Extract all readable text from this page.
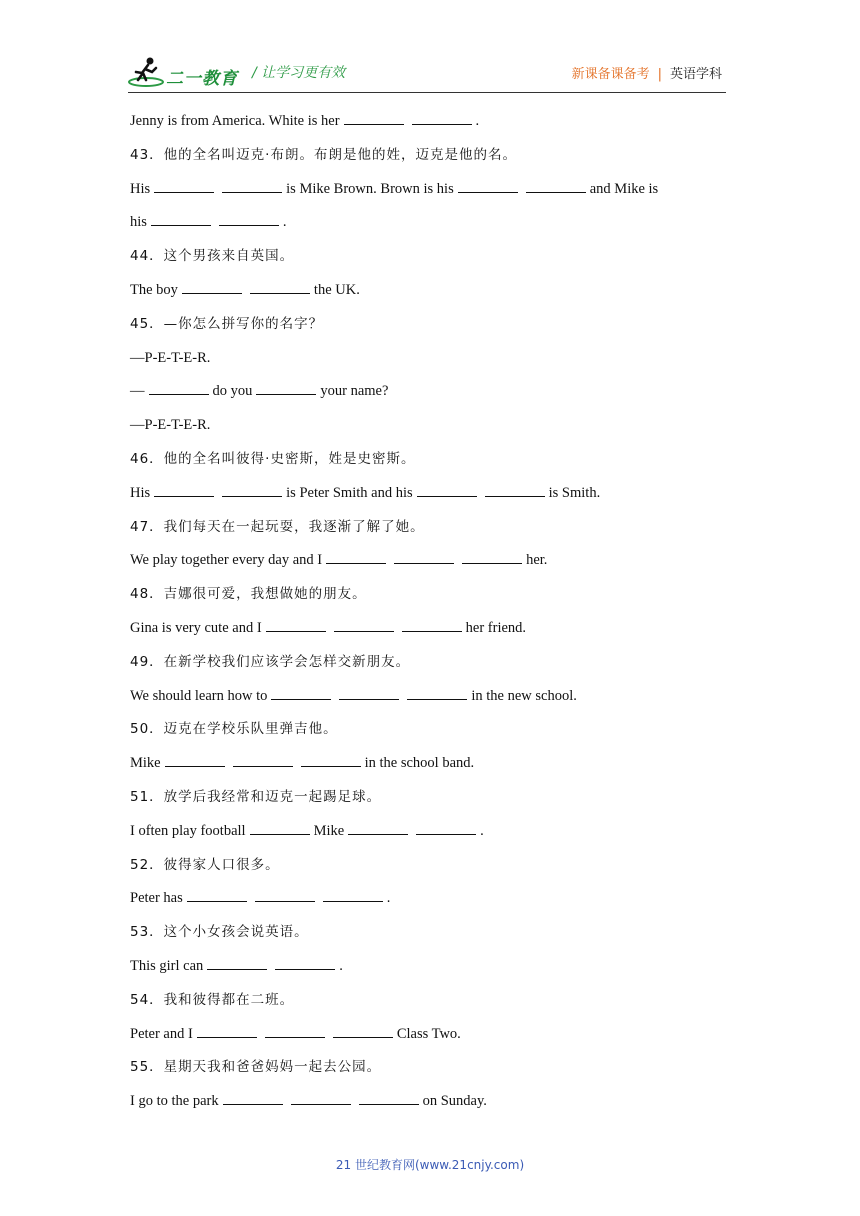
二一教育 / 让学习更有效	新课备课备考 | 英语学科
Jenny is from America. White is her	.
43．他的全名叫迈克·布朗。布朗是他的姓，迈克是他的名。
His	is Mike Brown. Brown is his	and Mike is
his	.
44．这个男孩来自英国。
The boy	the UK.
45．—你怎么拼写你的名字？
—P-E-T-E-R.
—	do you	your name?
—P-E-T-E-R.
46．他的全名叫彼得·史密斯，姓是史密斯。
His	is Peter Smith and his	is Smith.
47．我们每天在一起玩耍，我逐渐了解了她。
We play together every day and I	her.
48．吉娜很可爱，我想做她的朋友。
Gina is very cute and I	her friend.
49．在新学校我们应该学会怎样交新朋友。
We should learn how to	in the new school.
50．迈克在学校乐队里弹吉他。
Mike	in the school band.
51．放学后我经常和迈克一起踢足球。
I often play football	Mike	.
52．彼得家人口很多。
Peter has	.
53．这个小女孩会说英语。
This girl can	.
54．我和彼得都在二班。
Peter and I	Class Two.
55．星期天我和爸爸妈妈一起去公园。
I go to the park	on Sunday.
21 世纪教育网(www.21cnjy.com)
